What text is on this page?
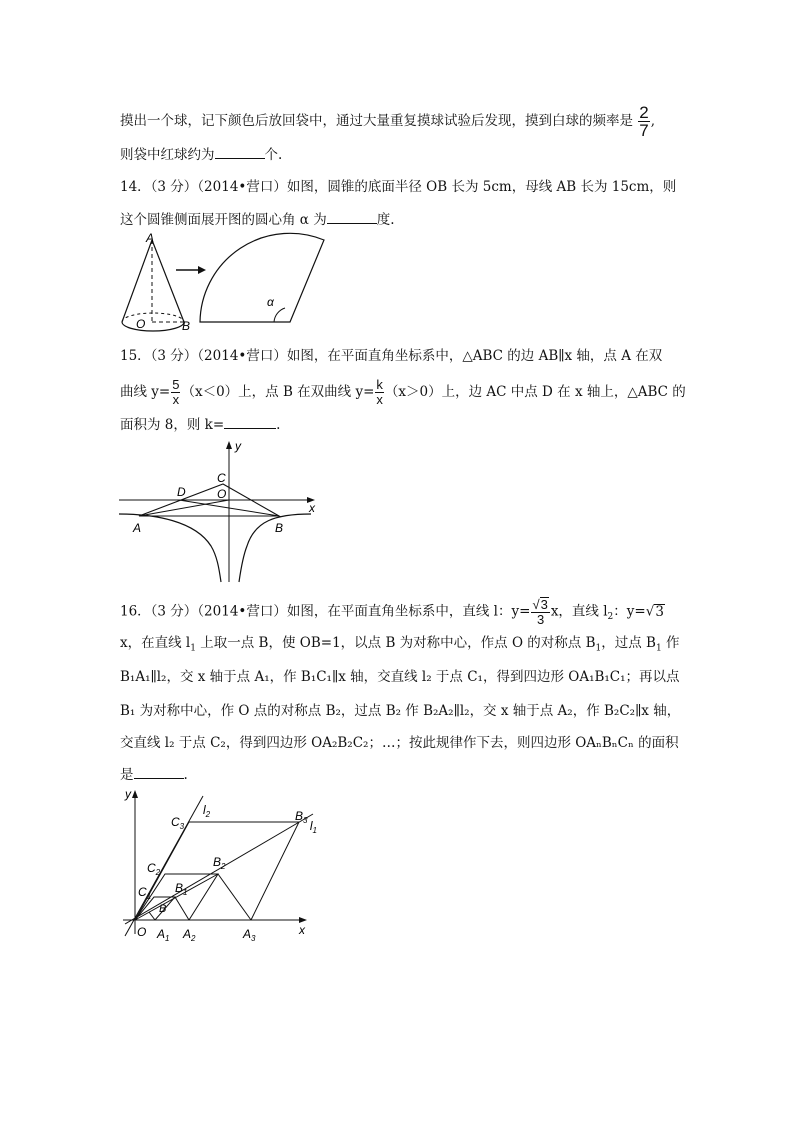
摸出一个球，记下颜色后放回袋中，通过大量重复摸球试验后发现，摸到白球的频率是 $\frac{2}{7}$ ,
则袋中红球约为	个.
14．（3 分）（2014•营口）如图，圆锥的底面半径 OB 长为 5cm，母线 AB 长为 15cm，则
这个圆锥侧面展开图的圆心角 α 为	度.
A
O	B
α
15．（3 分）（2014•营口）如图，在平面直角坐标系中，△ABC 的边 AB∥x 轴，点 A 在双
曲线 $y= \frac{5}{x} (x<0)$上，点 B 在双曲线 $y= \frac{k}{x} (x>0)$上，边 AC 中点 D 在 x 轴上，△ABC 的
面积为 8，则 k=	.
y
x
C
D	O
A	B
16．（3 分）（2014•营口）如图，在平面直角坐标系中，直线 l：$y= \frac{√3}{3}$ x，直线 $l_2$：y=√3
x，在直线 $l_1$ 上取一点 B，使 OB=1，以点 B 为对称中心，作点 O 的对称点 $B_1$，过点 $B_1$ 作
B₁A₁∥l₂，交 x 轴于点 A₁，作 B₁C₁∥x 轴，交直线 l₂ 于点 C₁，得到四边形 OA₁B₁C₁；再以点
B₁ 为对称中心，作 O 点的对称点 B₂，过点 B₂ 作 B₂A₂∥l₂，交 x 轴于点 A₂，作 B₂C₂∥x 轴，
交直线 l₂ 于点 C₂，得到四边形 OA₂B₂C₂；…；按此规律作下去，则四边形 OAₙBₙCₙ 的面积
是	.
y
x
O $A_1$ $A_2$	$A_3$
B
$B_1$
$B_2$
$B_3$
$C_1$
$C_2$
$C_3$
$l_2$
$l_1$
